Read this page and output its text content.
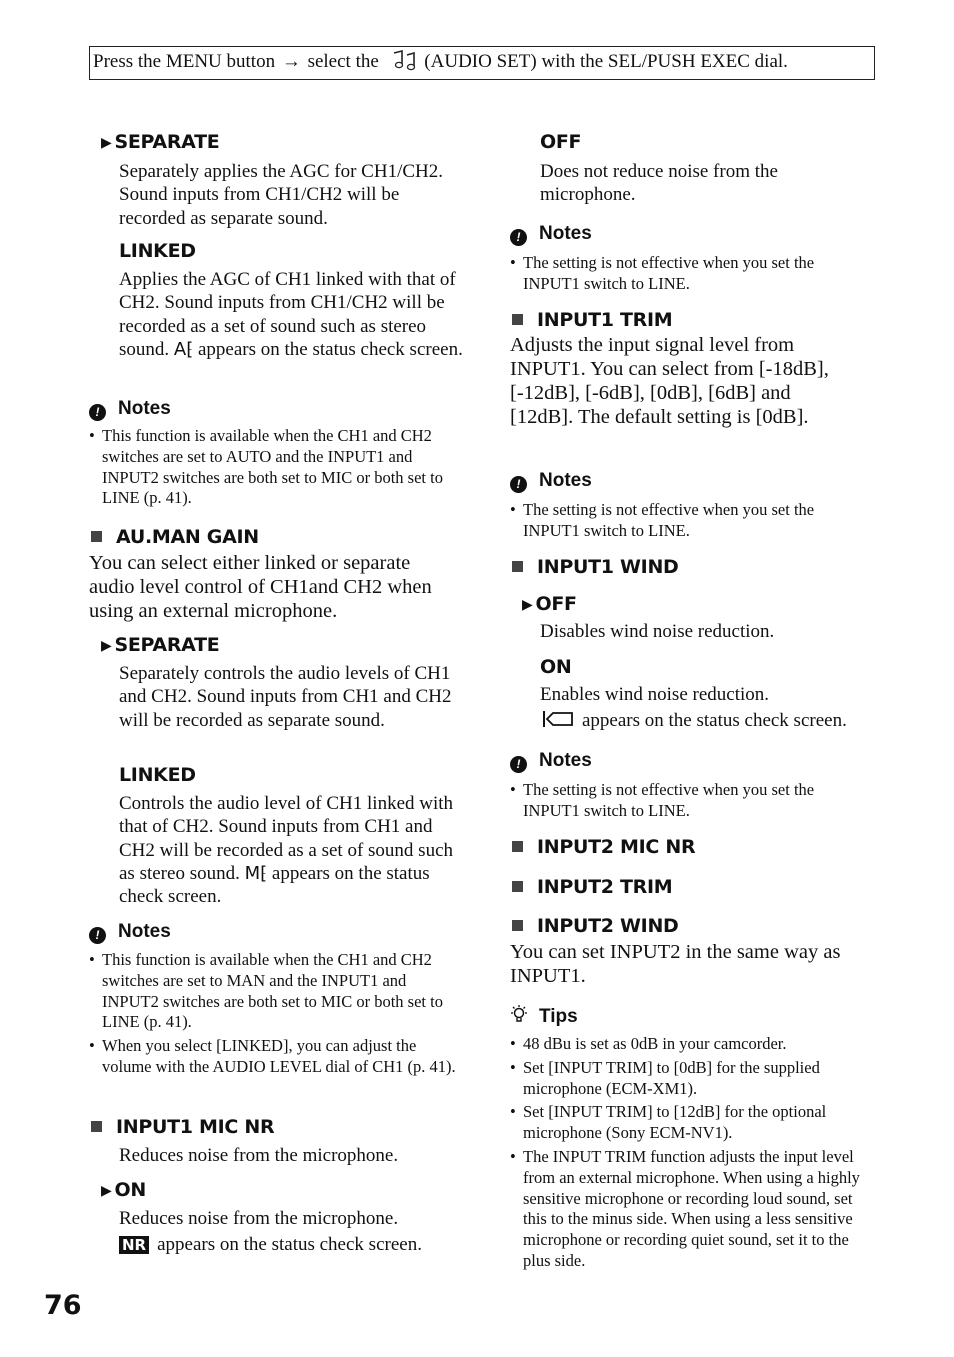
Press the MENU button → select the (AUDIO SET) with the SEL/PUSH EXEC dial.
▶ SEPARATE
Separately applies the AGC for CH1/CH2. Sound inputs from CH1/CH2 will be recorded as separate sound.
LINKED
Applies the AGC of CH1 linked with that of CH2. Sound inputs from CH1/CH2 will be recorded as a set of sound such as stereo sound. A⁅ appears on the status check screen.
! Notes
• This function is available when the CH1 and CH2 switches are set to AUTO and the INPUT1 and INPUT2 switches are both set to MIC or both set to LINE (p. 41).
AU.MAN GAIN
You can select either linked or separate audio level control of CH1and CH2 when using an external microphone.
▶ SEPARATE
Separately controls the audio levels of CH1 and CH2. Sound inputs from CH1 and CH2 will be recorded as separate sound.
LINKED
Controls the audio level of CH1 linked with that of CH2. Sound inputs from CH1 and CH2 will be recorded as a set of sound such as stereo sound. M⁅ appears on the status check screen.
! Notes
• This function is available when the CH1 and CH2 switches are set to MAN and the INPUT1 and INPUT2 switches are both set to MIC or both set to LINE (p. 41).
• When you select [LINKED], you can adjust the volume with the AUDIO LEVEL dial of CH1 (p. 41).
INPUT1 MIC NR
Reduces noise from the microphone.
▶ ON
Reduces noise from the microphone.
NR appears on the status check screen.
OFF
Does not reduce noise from the microphone.
! Notes
• The setting is not effective when you set the INPUT1 switch to LINE.
INPUT1 TRIM
Adjusts the input signal level from INPUT1. You can select from [-18dB], [-12dB], [-6dB], [0dB], [6dB] and [12dB]. The default setting is [0dB].
! Notes
• The setting is not effective when you set the INPUT1 switch to LINE.
INPUT1 WIND
▶ OFF
Disables wind noise reduction.
ON
Enables wind noise reduction.
appears on the status check screen.
! Notes
• The setting is not effective when you set the INPUT1 switch to LINE.
INPUT2 MIC NR
INPUT2 TRIM
INPUT2 WIND
You can set INPUT2 in the same way as INPUT1.
Tips
• 48 dBu is set as 0dB in your camcorder.
• Set [INPUT TRIM] to [0dB] for the supplied microphone (ECM-XM1).
• Set [INPUT TRIM] to [12dB] for the optional microphone (Sony ECM-NV1).
• The INPUT TRIM function adjusts the input level from an external microphone. When using a highly sensitive microphone or recording loud sound, set this to the minus side. When using a less sensitive microphone or recording quiet sound, set it to the plus side.
76
